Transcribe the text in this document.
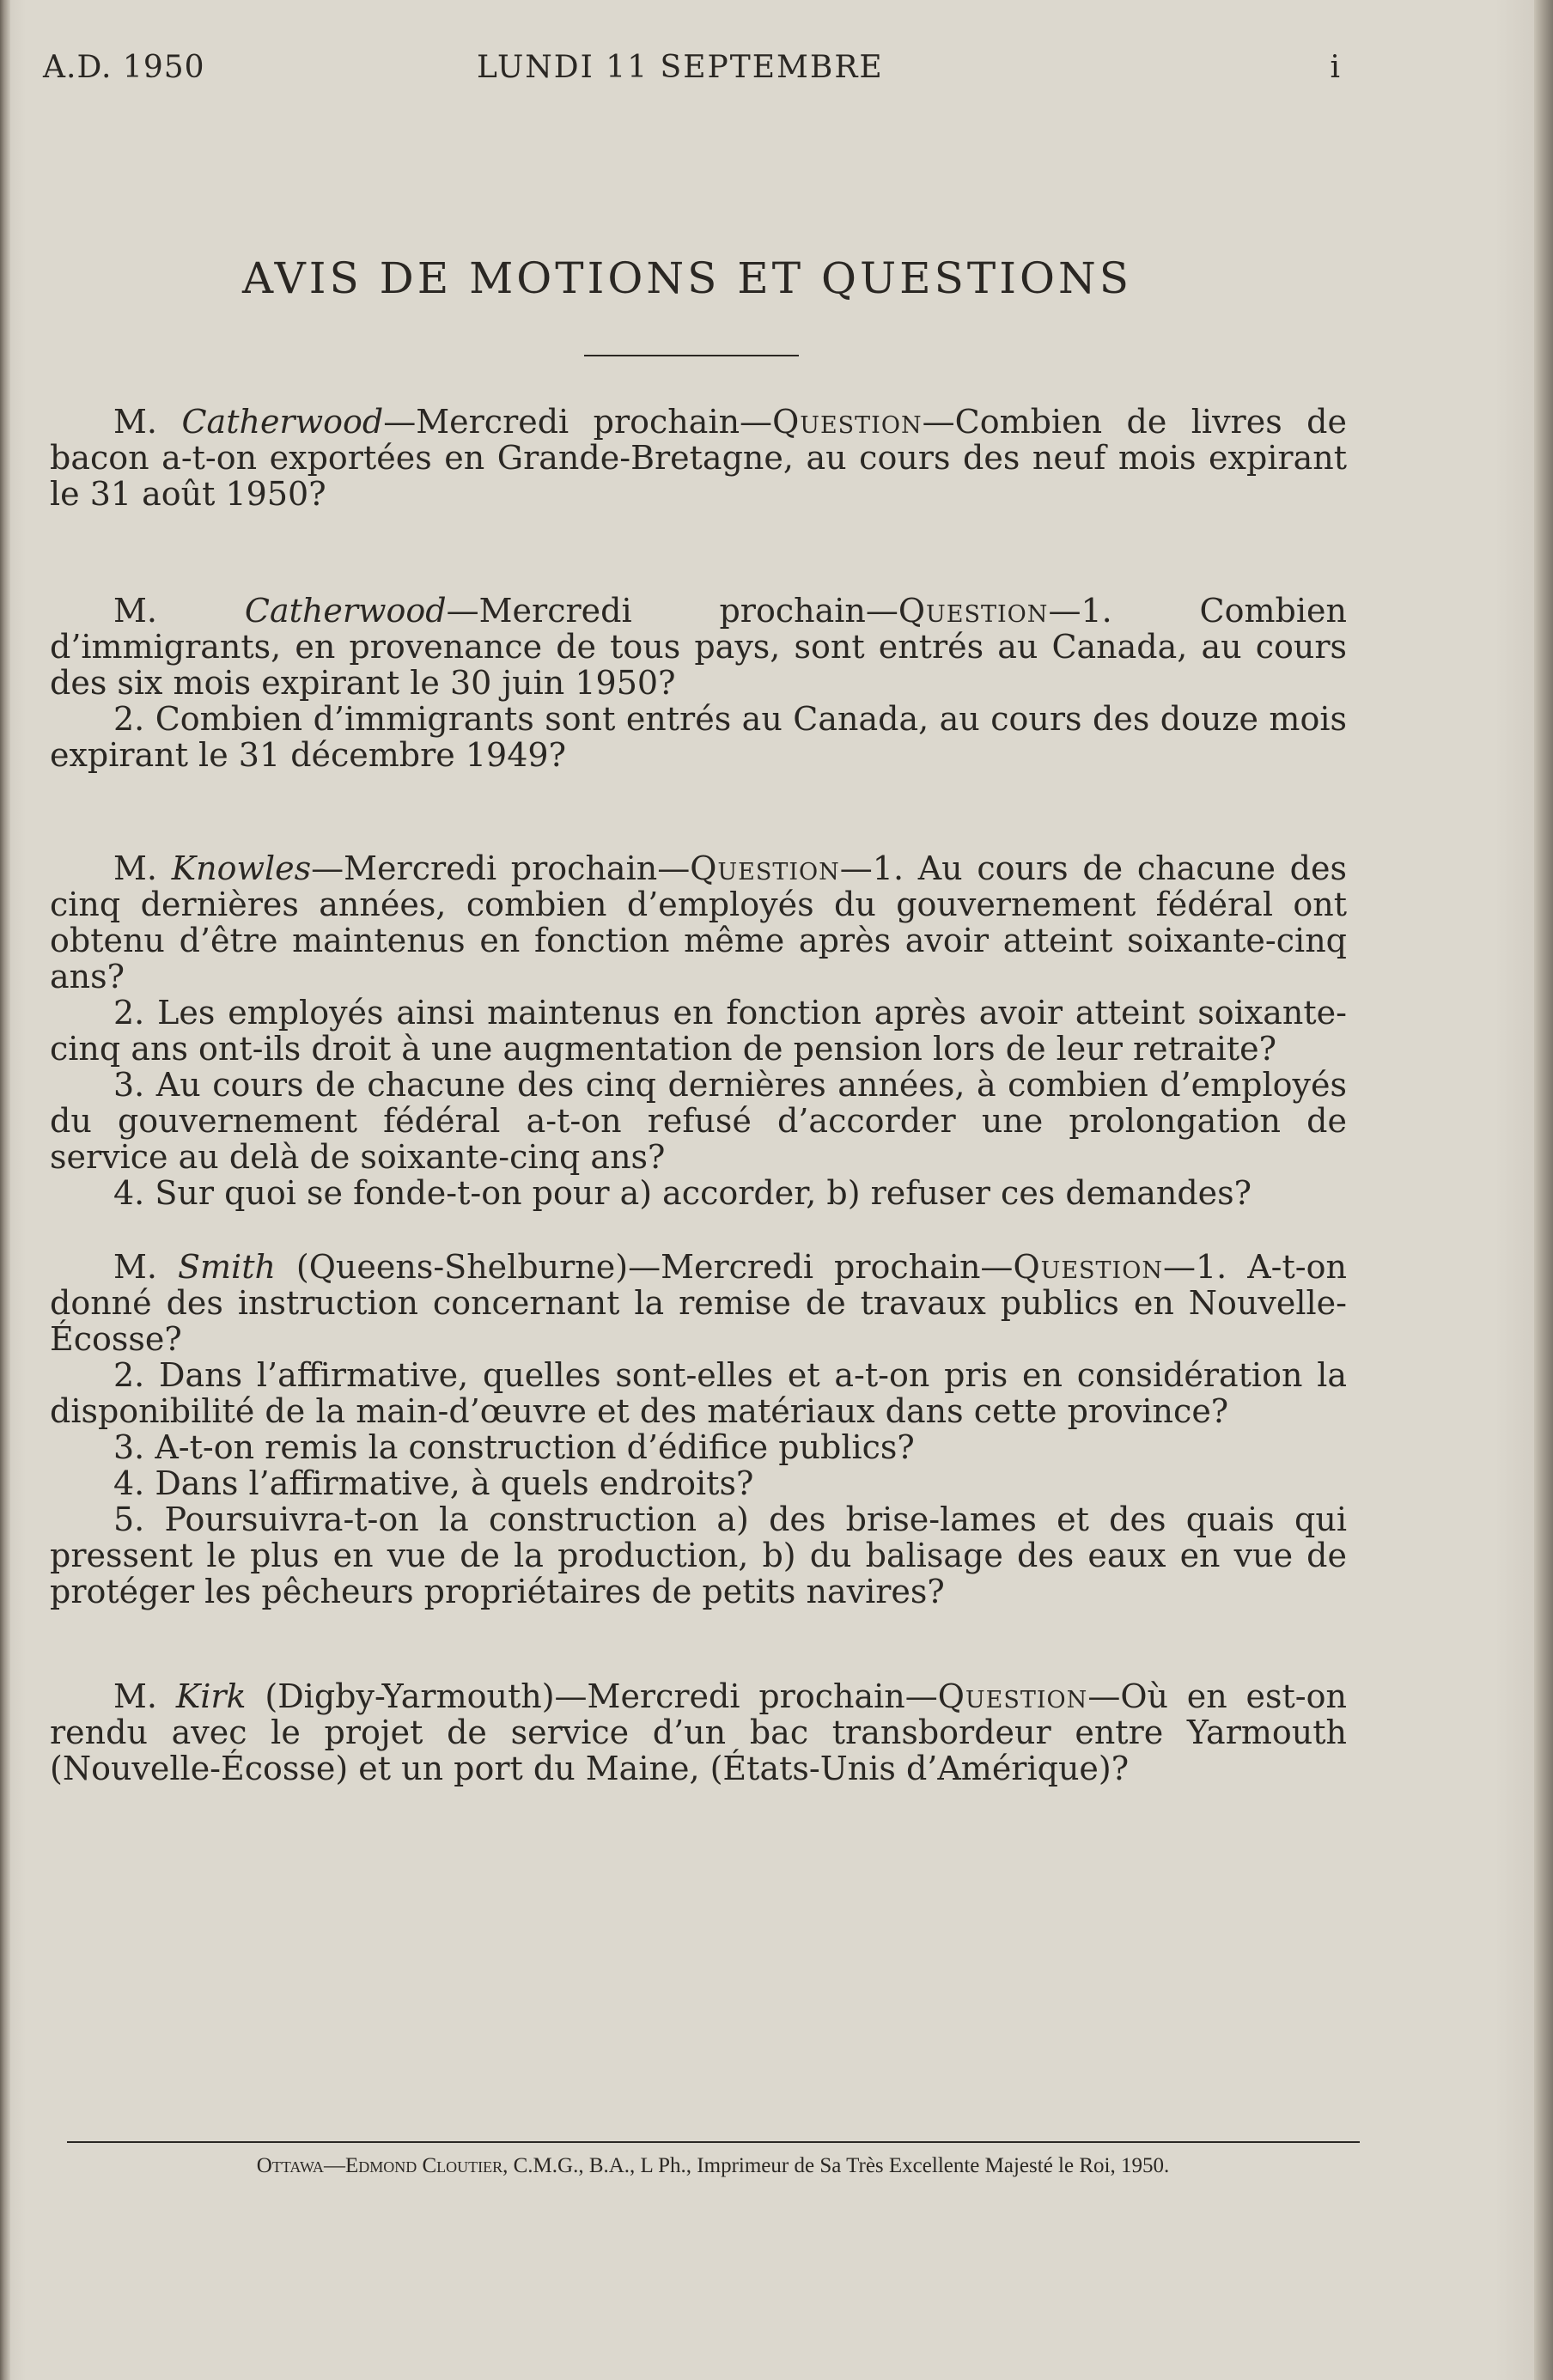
A.D. 1950	LUNDI 11 SEPTEMBRE	i
AVIS DE MOTIONS ET QUESTIONS

M. Catherwood—Mercredi prochain—Question—Combien de livres de bacon a-t-on exportées en Grande-Bretagne, au cours des neuf mois expirant le 31 août 1950?

M.	Catherwood—Mercredi prochain—Question—1. Combien d’immigrants, en provenance de tous pays, sont entrés au Canada, au cours des six mois expirant le 30 juin 1950?

2. Combien d’immigrants sont entrés au Canada, au cours des douze mois expirant le 31 décembre 1949?

M. Knowles—Mercredi prochain—Question—1. Au cours de chacune des cinq dernières années, combien d’employés du gouvernement fédéral ont obtenu d’être maintenus en fonction même après avoir atteint soixante-cinq ans?

2. Les employés ainsi maintenus en fonction après avoir atteint soixante-cinq ans ont-ils droit à une augmentation de pension lors de leur retraite?

3. Au cours de chacune des cinq dernières années, à combien d’employés du gouvernement fédéral a-t-on refusé d’accorder une prolongation de service au delà de soixante-cinq ans?

4. Sur quoi se fonde-t-on pour a) accorder, b) refuser ces demandes?

M. Smith (Queens-Shelburne)—Mercredi prochain—Question—1. A-t-on donné des instruction concernant la remise de travaux publics en Nouvelle-Écosse?

2. Dans l’affirmative, quelles sont-elles et a-t-on pris en considération la disponibilité de la main-d’œuvre et des matériaux dans cette province?

3. A-t-on remis la construction d’édifice publics?

4. Dans l’affirmative, à quels endroits?

5. Poursuivra-t-on la construction a) des brise-lames et des quais qui pressent le plus en vue de la production, b) du balisage des eaux en vue de protéger les pêcheurs propriétaires de petits navires?

M. Kirk (Digby-Yarmouth)—Mercredi prochain—Question—Où en est-on rendu avec le projet de service d’un bac transbordeur entre Yarmouth (Nouvelle-Écosse) et un port du Maine, (États-Unis d’Amérique)?

Ottawa—Edmond Cloutier, C.M.G., B.A., L Ph., Imprimeur de Sa Très Excellente Majesté le Roi, 1950.
